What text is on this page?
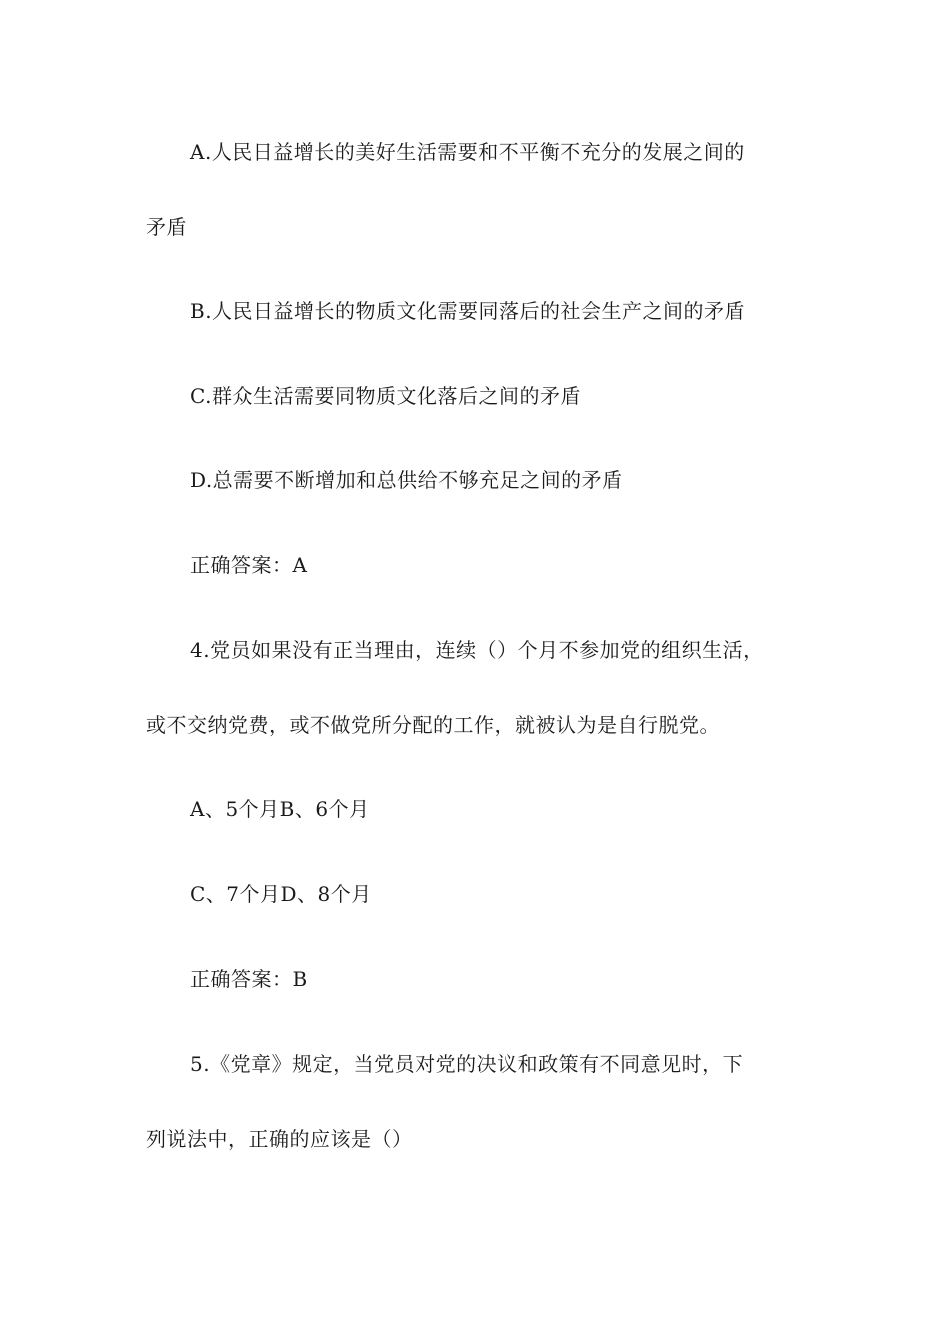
A.人民日益增长的美好生活需要和不平衡不充分的发展之间的
矛盾
B.人民日益增长的物质文化需要同落后的社会生产之间的矛盾
C.群众生活需要同物质文化落后之间的矛盾
D.总需要不断增加和总供给不够充足之间的矛盾
正确答案：A
4.党员如果没有正当理由，连续（）个月不参加党的组织生活，
或不交纳党费，或不做党所分配的工作，就被认为是自行脱党。
A、5个月B、6个月
C、7个月D、8个月
正确答案：B
5.《党章》规定，当党员对党的决议和政策有不同意见时，下
列说法中，正确的应该是（）
